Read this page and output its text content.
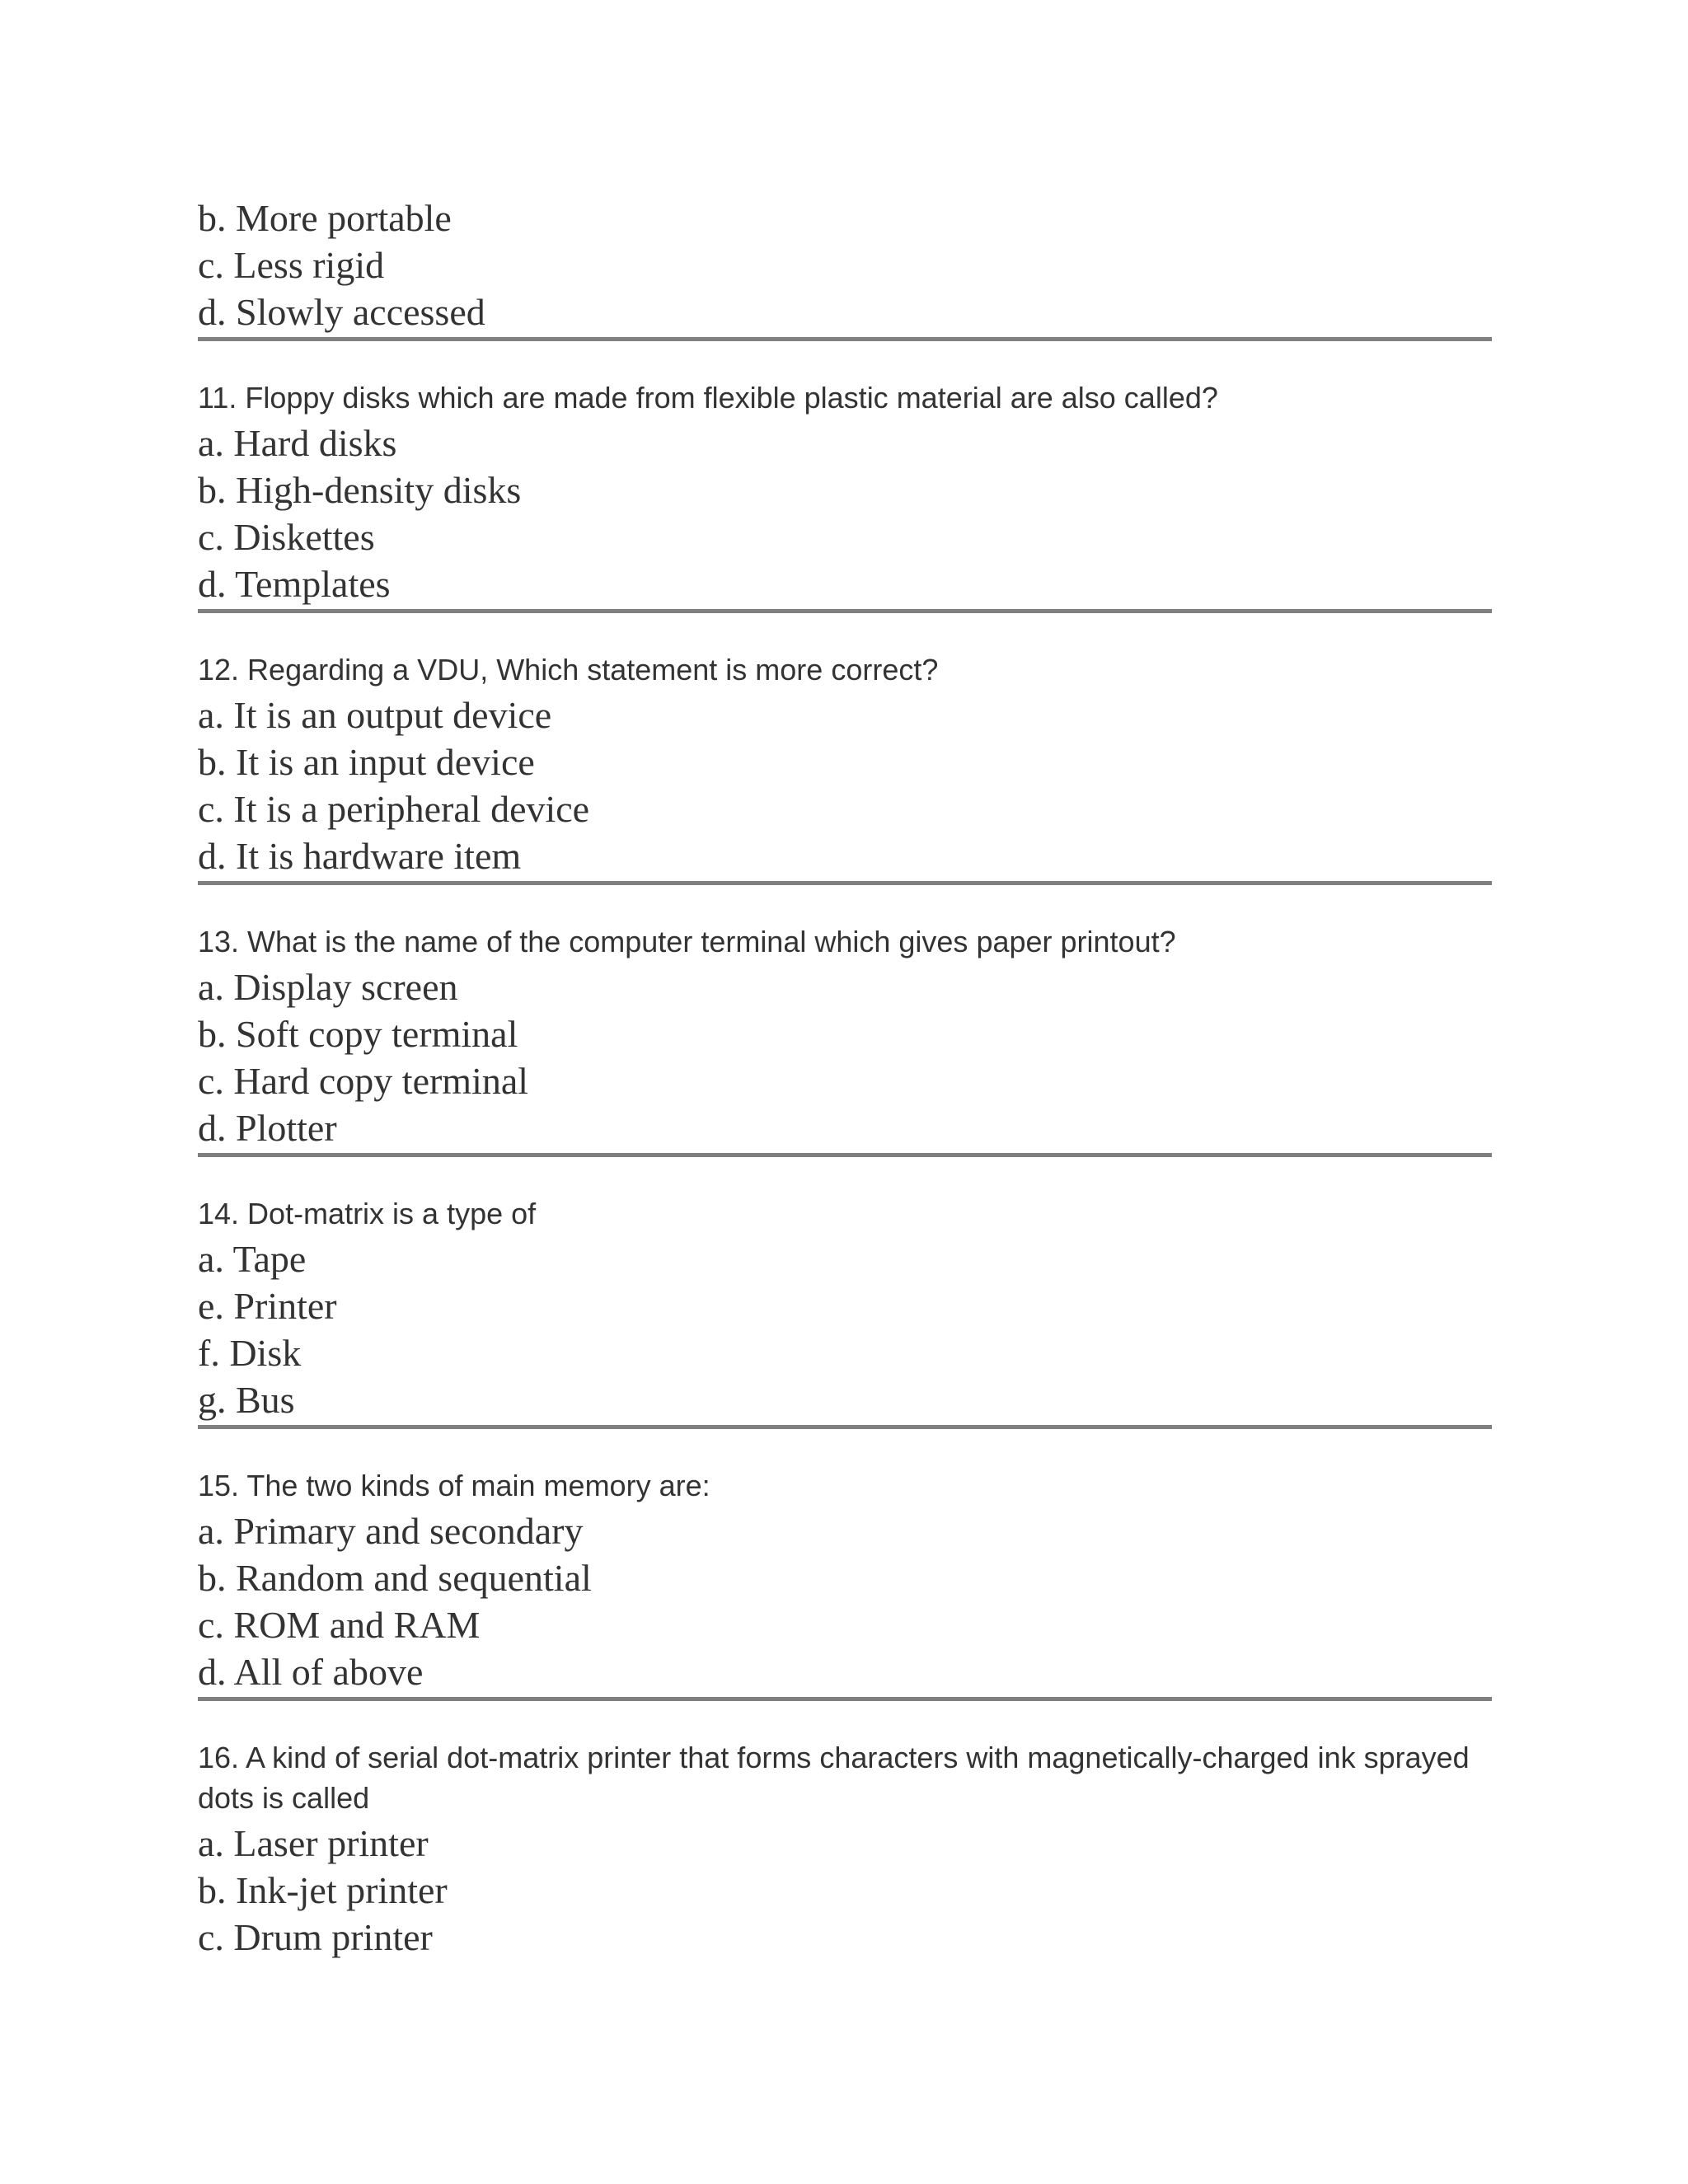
b. More portable

c. Less rigid

d. Slowly accessed

11. Floppy disks which are made from flexible plastic material are also called?

a. Hard disks

b. High-density disks

c. Diskettes

d. Templates

12. Regarding a VDU, Which statement is more correct?

a. It is an output device

b. It is an input device

c. It is a peripheral device

d. It is hardware item

13. What is the name of the computer terminal which gives paper printout?

a. Display screen

b. Soft copy terminal

c. Hard copy terminal

d. Plotter

14. Dot-matrix is a type of

a. Tape

e. Printer

f. Disk

g. Bus

15. The two kinds of main memory are:

a. Primary and secondary

b. Random and sequential

c. ROM and RAM

d. All of above

16. A kind of serial dot-matrix printer that forms characters with magnetically-charged ink sprayed dots is called

a. Laser printer

b. Ink-jet printer

c. Drum printer
